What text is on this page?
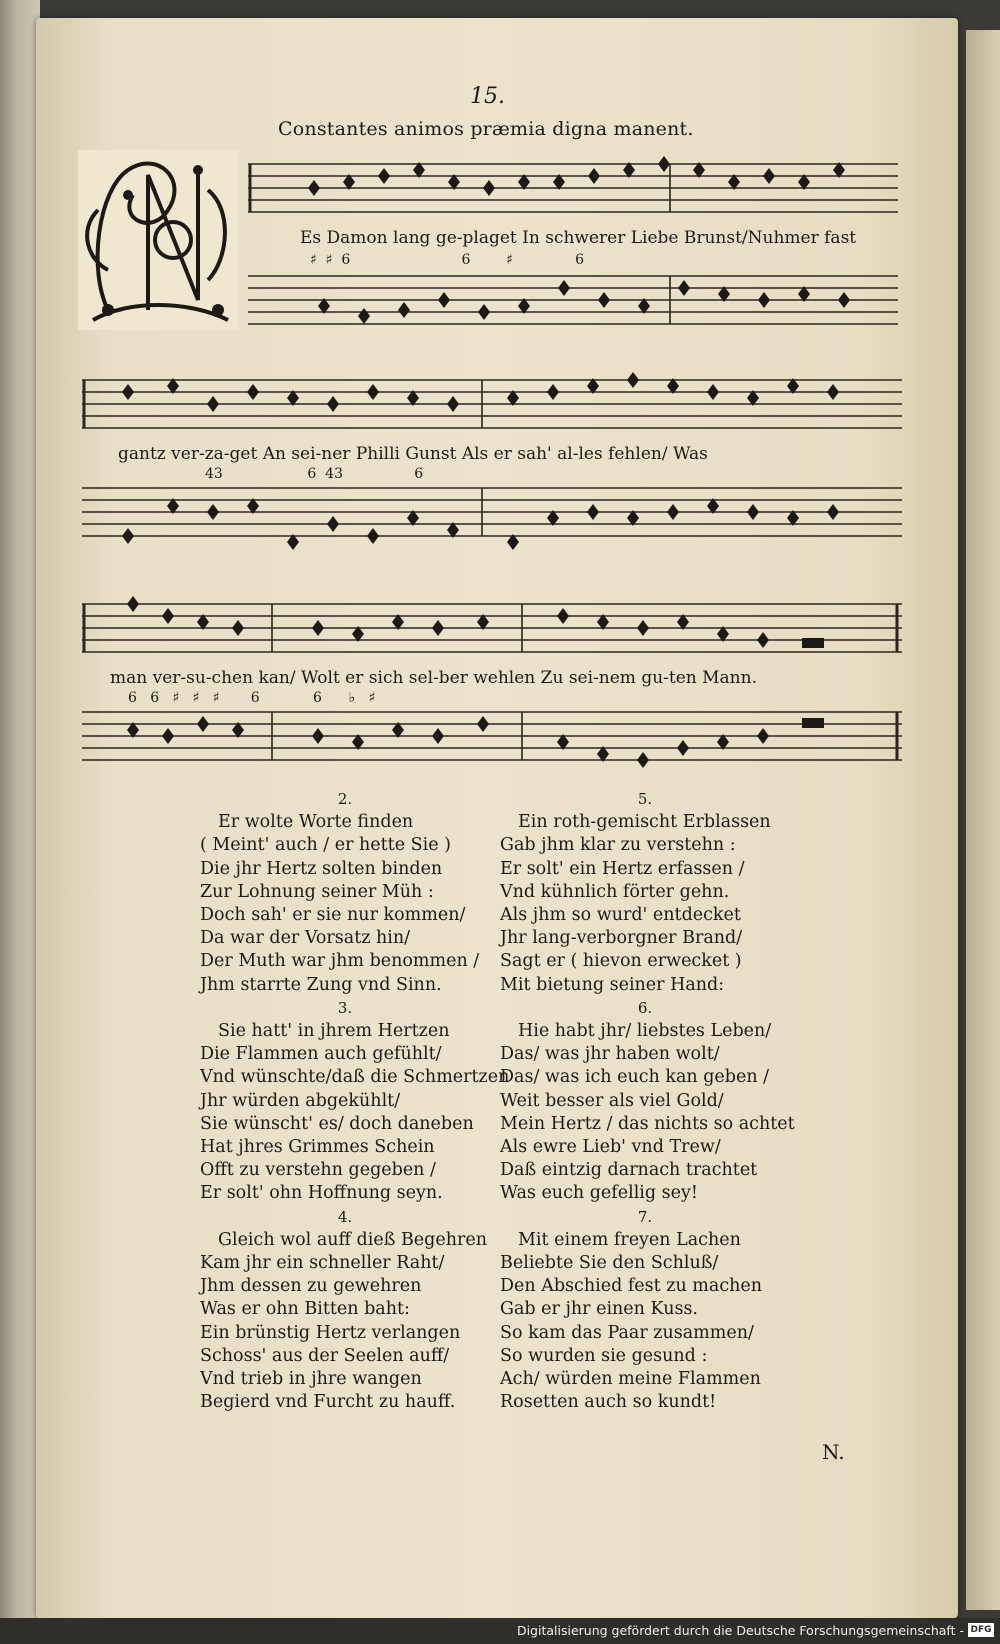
15.
Constantes animos præmia digna manent.
Es Damon lang ge-plaget In schwerer Liebe Brunst/Nuhmer fast
♯  ♯  6                         6        ♯              6
gantz ver-za-get An sei-ner Philli Gunst Als er sah' al-les fehlen/ Was
43                   6  43                6
man ver-su-chen kan/ Wolt er sich sel-ber wehlen Zu sei-nem gu-ten Mann.
6   6   ♯   ♯   ♯       6            6      ♭   ♯
2.
Er wolte Worte finden
( Meint' auch / er hette Sie )
Die jhr Hertz solten binden
Zur Lohnung seiner Müh :
Doch sah' er sie nur kommen/
Da war der Vorsatz hin/
Der Muth war jhm benommen /
Jhm starrte Zung vnd Sinn.
3.
Sie hatt' in jhrem Hertzen
Die Flammen auch gefühlt/
Vnd wünschte/daß die Schmertzen
Jhr würden abgekühlt/
Sie wünscht' es/ doch daneben
Hat jhres Grimmes Schein
Offt zu verstehn gegeben /
Er solt' ohn Hoffnung seyn.
4.
Gleich wol auff dieß Begehren
Kam jhr ein schneller Raht/
Jhm dessen zu gewehren
Was er ohn Bitten baht:
Ein brünstig Hertz verlangen
Schoss' aus der Seelen auff/
Vnd trieb in jhre wangen
Begierd vnd Furcht zu hauff.
5.
Ein roth-gemischt Erblassen
Gab jhm klar zu verstehn :
Er solt' ein Hertz erfassen /
Vnd kühnlich förter gehn.
Als jhm so wurd' entdecket
Jhr lang-verborgner Brand/
Sagt er ( hievon erwecket )
Mit bietung seiner Hand:
6.
Hie habt jhr/ liebstes Leben/
Das/ was jhr haben wolt/
Das/ was ich euch kan geben /
Weit besser als viel Gold/
Mein Hertz / das nichts so achtet
Als ewre Lieb' vnd Trew/
Daß eintzig darnach trachtet
Was euch gefellig sey!
7.
Mit einem freyen Lachen
Beliebte Sie den Schluß/
Den Abschied fest zu machen
Gab er jhr einen Kuss.
So kam das Paar zusammen/
So wurden sie gesund :
Ach/ würden meine Flammen
Rosetten auch so kundt!
N.
Digitalisierung gefördert durch die Deutsche Forschungsgemeinschaft - DFG
